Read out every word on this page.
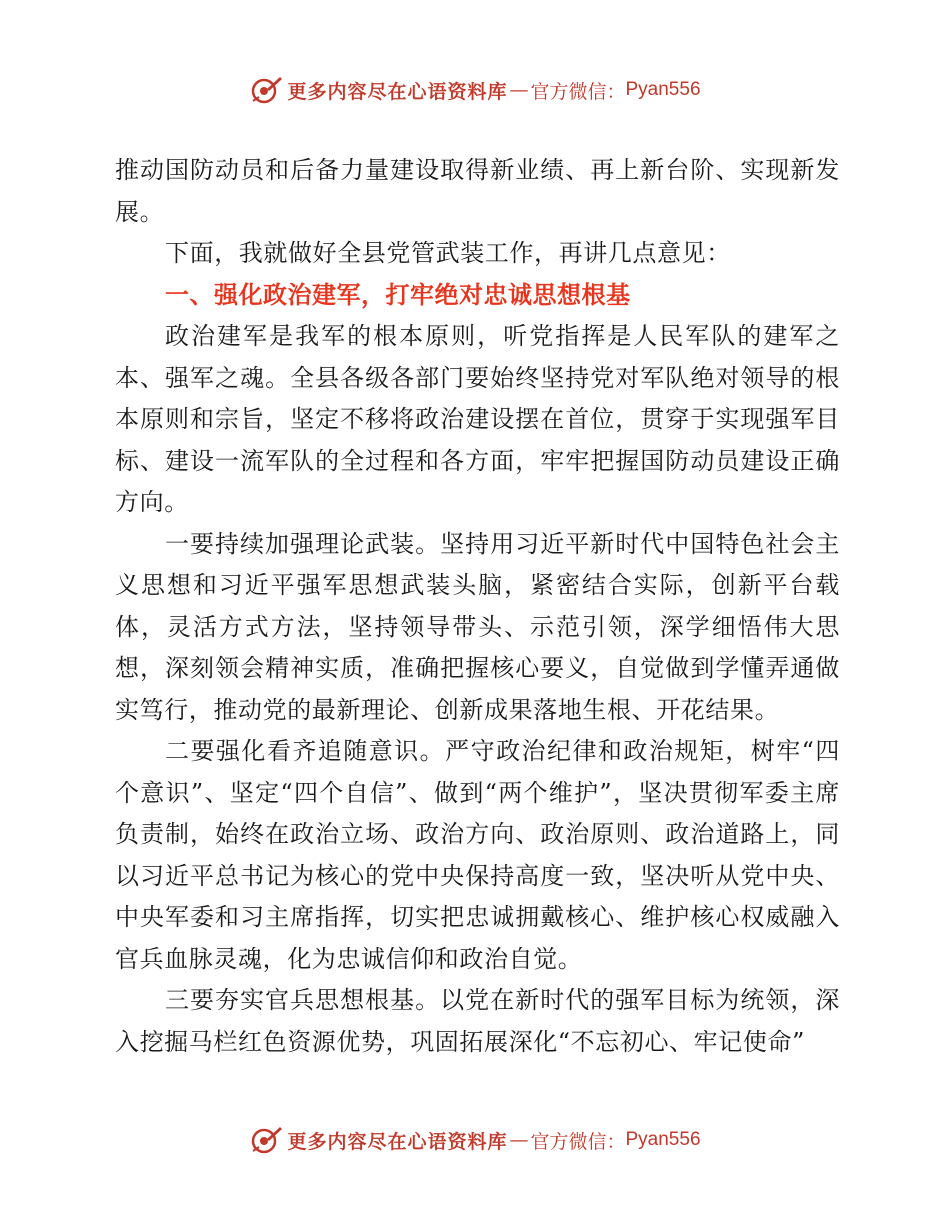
更多内容尽在心语资料库 — 官方微信： Pyan556

推动国防动员和后备力量建设取得新业绩、再上新台阶、实现新发展。

下面，我就做好全县党管武装工作，再讲几点意见：

一、强化政治建军，打牢绝对忠诚思想根基

政治建军是我军的根本原则，听党指挥是人民军队的建军之本、强军之魂。全县各级各部门要始终坚持党对军队绝对领导的根本原则和宗旨，坚定不移将政治建设摆在首位，贯穿于实现强军目标、建设一流军队的全过程和各方面，牢牢把握国防动员建设正确方向。

一要持续加强理论武装。坚持用习近平新时代中国特色社会主义思想和习近平强军思想武装头脑，紧密结合实际，创新平台载体，灵活方式方法，坚持领导带头、示范引领，深学细悟伟大思想，深刻领会精神实质，准确把握核心要义，自觉做到学懂弄通做实笃行，推动党的最新理论、创新成果落地生根、开花结果。

二要强化看齐追随意识。严守政治纪律和政治规矩，树牢“四个意识”、坚定“四个自信”、做到“两个维护”，坚决贯彻军委主席负责制，始终在政治立场、政治方向、政治原则、政治道路上，同以习近平总书记为核心的党中央保持高度一致，坚决听从党中央、中央军委和习主席指挥，切实把忠诚拥戴核心、维护核心权威融入官兵血脉灵魂，化为忠诚信仰和政治自觉。

三要夯实官兵思想根基。以党在新时代的强军目标为统领，深入挖掘马栏红色资源优势，巩固拓展深化“不忘初心、牢记使命”

更多内容尽在心语资料库 — 官方微信： Pyan556
